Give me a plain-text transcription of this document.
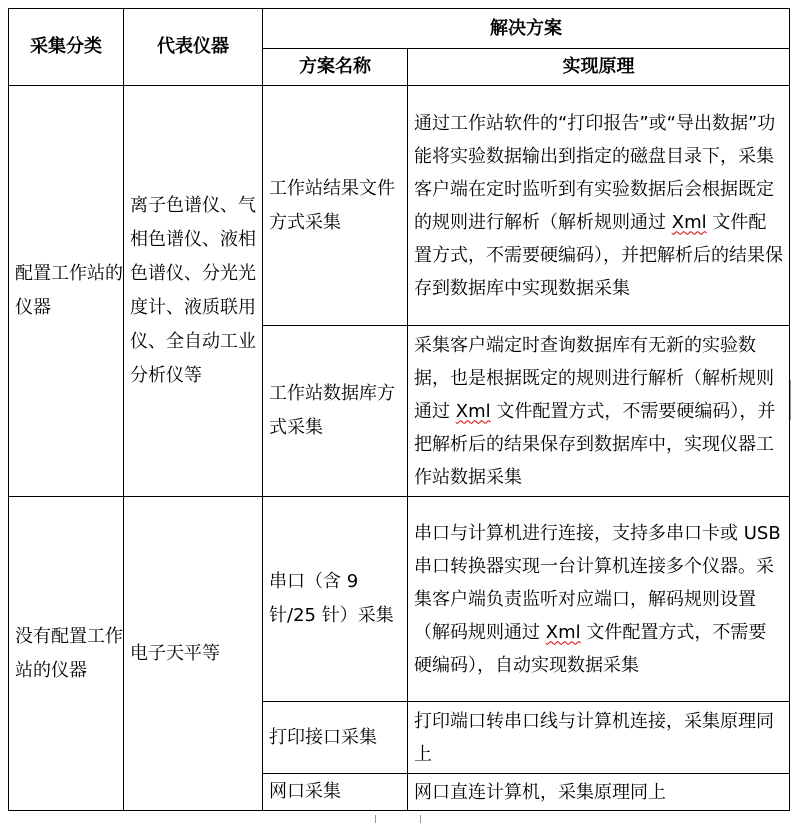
采集分类	代表仪器	解决方案	
		方案名称	实现原理
配置工作站的仪器	离子色谱仪、气相色谱仪、液相色谱仪、分光光度计、液质联用仪、全自动工业分析仪等	工作站结果文件方式采集	通过工作站软件的“打印报告”或“导出数据”功能将实验数据输出到指定的磁盘目录下，采集客户端在定时监听到有实验数据后会根据既定的规则进行解析（解析规则通过 Xml 文件配置方式，不需要硬编码），并把解析后的结果保存到数据库中实现数据采集
		工作站数据库方式采集	采集客户端定时查询数据库有无新的实验数据，也是根据既定的规则进行解析（解析规则通过 Xml 文件配置方式，不需要硬编码），并把解析后的结果保存到数据库中，实现仪器工作站数据采集
没有配置工作站的仪器	电子天平等	串口（含 9 针/25 针）采集	串口与计算机进行连接，支持多串口卡或 USB 串口转换器实现一台计算机连接多个仪器。采集客户端负责监听对应端口，解码规则设置（解码规则通过 Xml 文件配置方式，不需要硬编码），自动实现数据采集
		打印接口采集	打印端口转串口线与计算机连接，采集原理同上
		网口采集	网口直连计算机，采集原理同上
